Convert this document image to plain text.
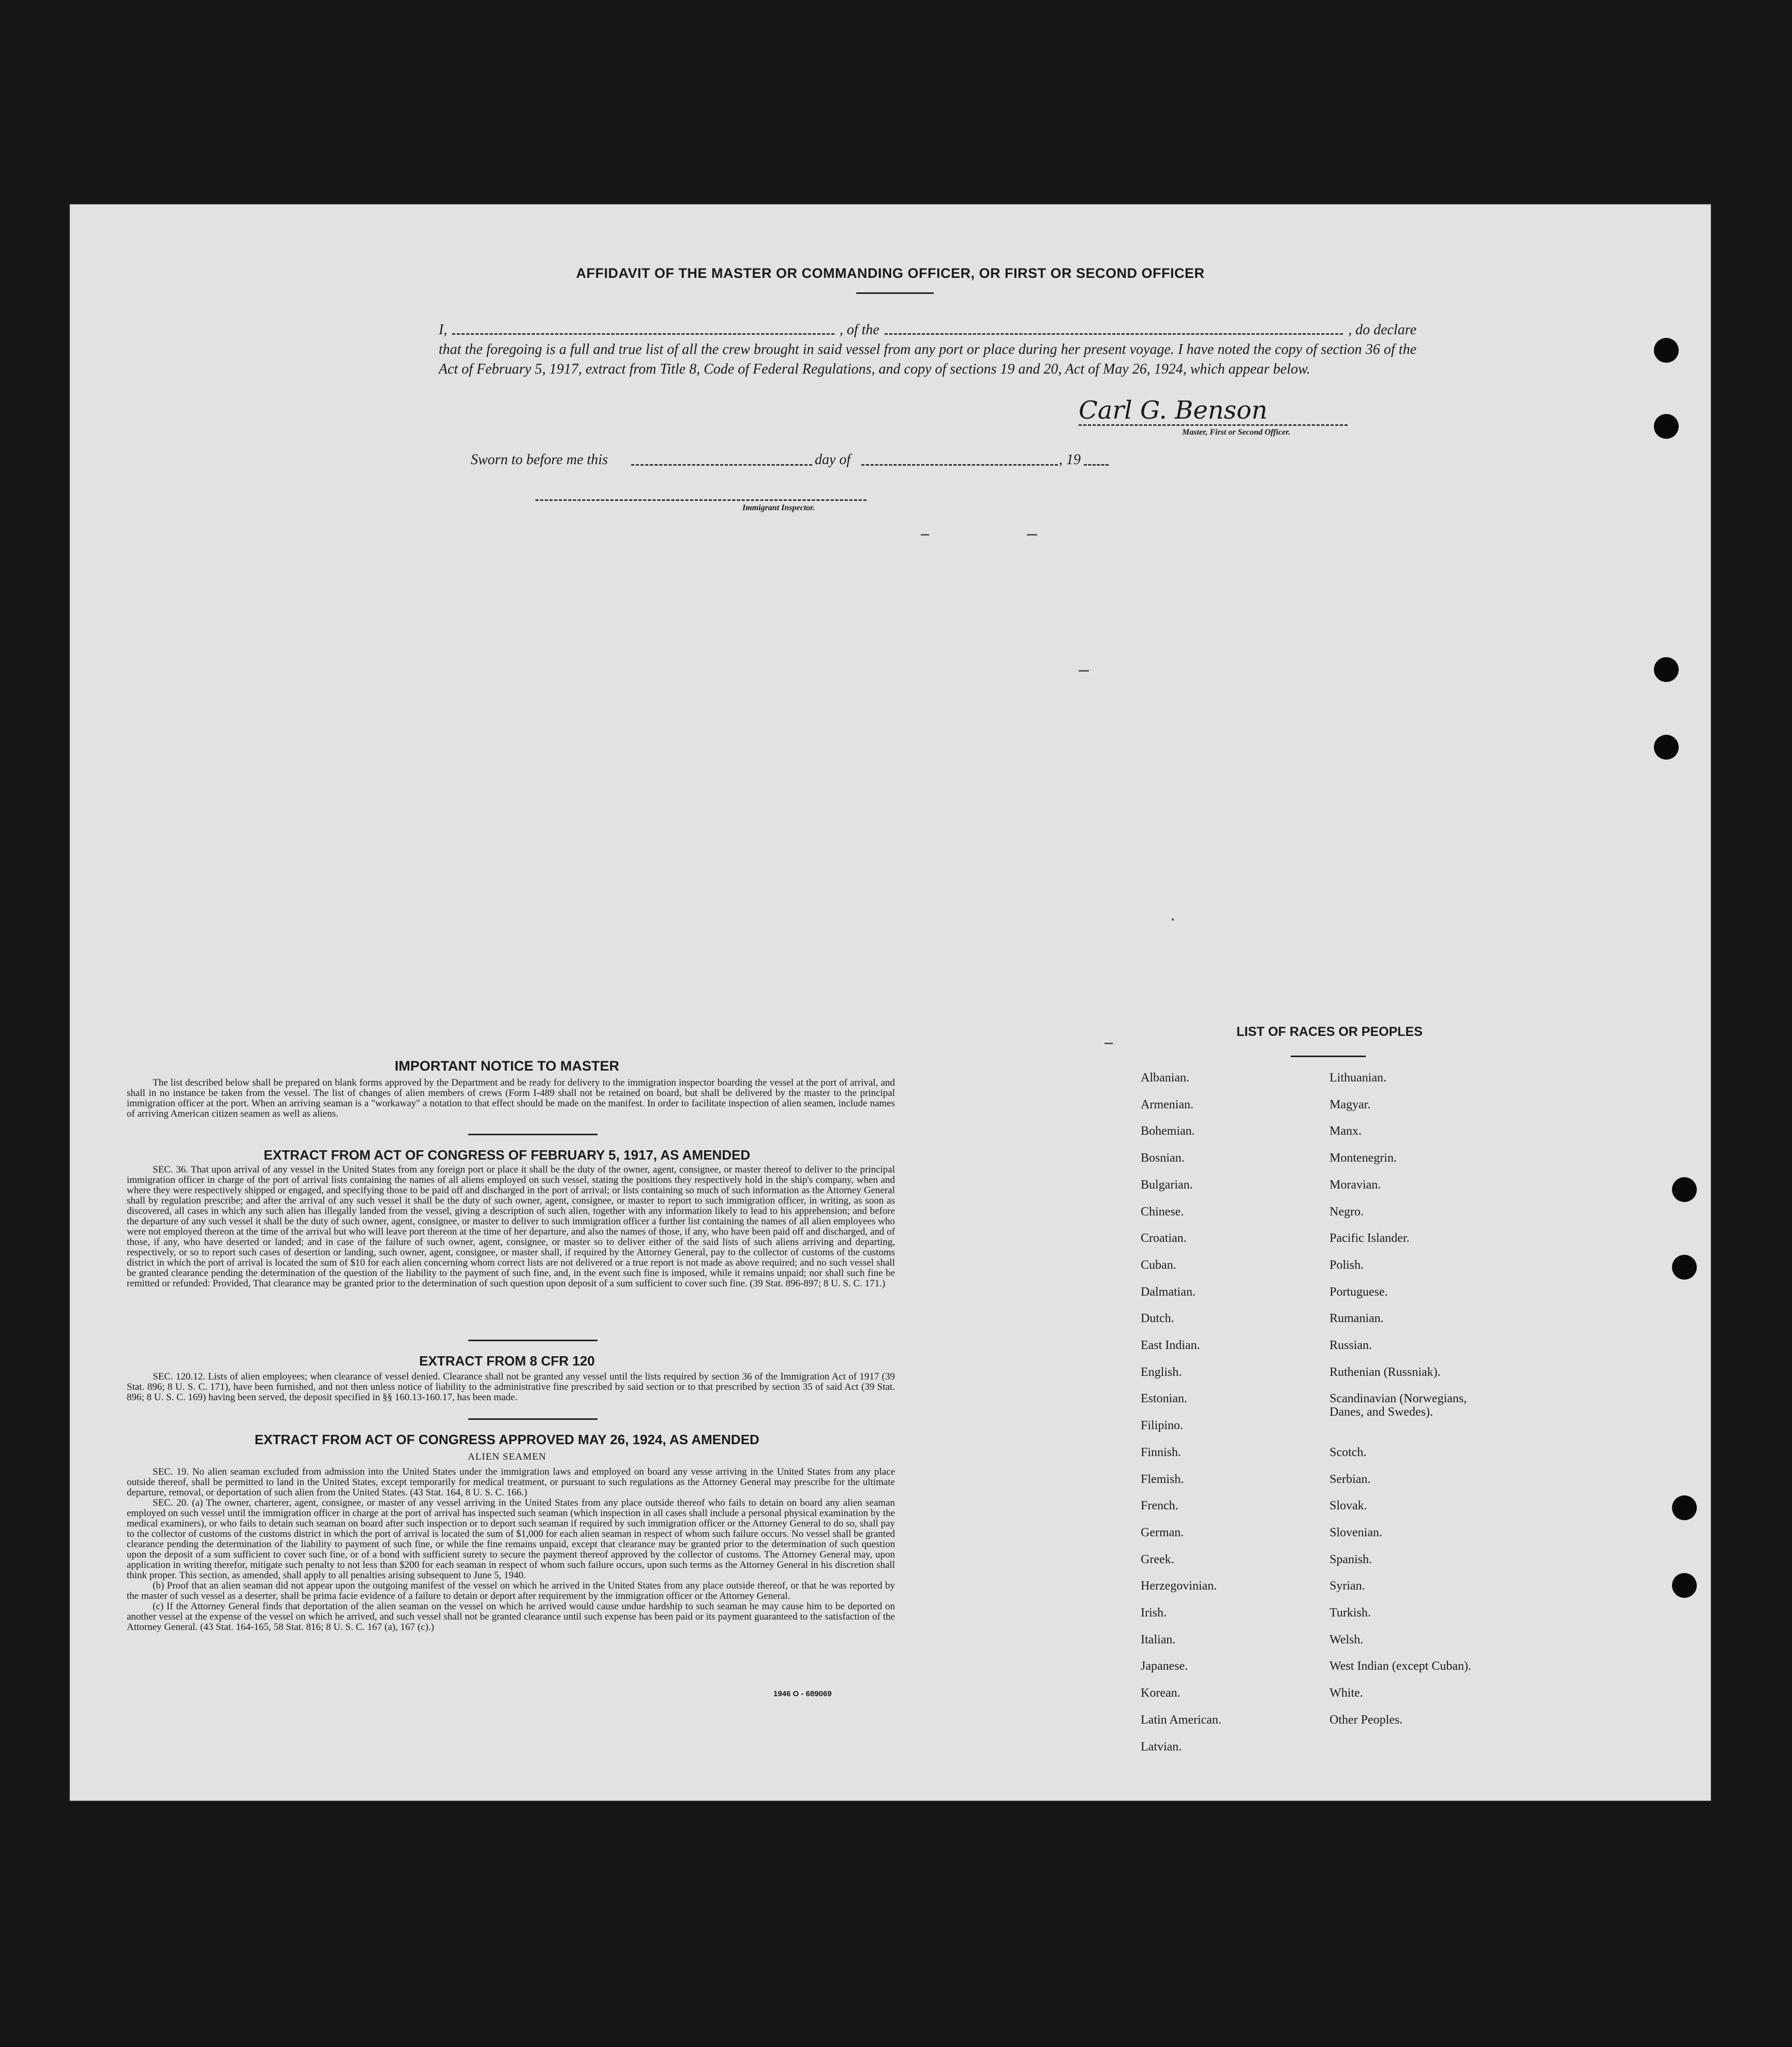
AFFIDAVIT OF THE MASTER OR COMMANDING OFFICER, OR FIRST OR SECOND OFFICER
I,	, of the	, do declare
that the foregoing is a full and true list of all the crew brought in said vessel from any port or place during her present voyage. I have noted the copy of section 36 of the Act of February 5, 1917, extract from Title 8, Code of Federal Regulations, and copy of sections 19 and 20, Act of May 26, 1924, which appear below.
Carl G. Benson
Master, First or Second Officer.
Sworn to before me this	day of	, 19
Immigrant Inspector.
IMPORTANT NOTICE TO MASTER
The list described below shall be prepared on blank forms approved by the Department and be ready for delivery to the immigration inspector boarding the vessel at the port of arrival, and shall in no instance be taken from the vessel. The list of changes of alien members of crews (Form I-489 shall not be retained on board, but shall be delivered by the master to the principal immigration officer at the port. When an arriving seaman is a "workaway" a notation to that effect should be made on the manifest. In order to facilitate inspection of alien seamen, include names of arriving American citizen seamen as well as aliens.
EXTRACT FROM ACT OF CONGRESS OF FEBRUARY 5, 1917, AS AMENDED
SEC. 36. That upon arrival of any vessel in the United States from any foreign port or place it shall be the duty of the owner, agent, consignee, or master thereof to deliver to the principal immigration officer in charge of the port of arrival lists containing the names of all aliens employed on such vessel, stating the positions they respectively hold in the ship's company, when and where they were respectively shipped or engaged, and specifying those to be paid off and discharged in the port of arrival; or lists containing so much of such information as the Attorney General shall by regulation prescribe; and after the arrival of any such vessel it shall be the duty of such owner, agent, consignee, or master to report to such immigration officer, in writing, as soon as discovered, all cases in which any such alien has illegally landed from the vessel, giving a description of such alien, together with any information likely to lead to his apprehension; and before the departure of any such vessel it shall be the duty of such owner, agent, consignee, or master to deliver to such immigration officer a further list containing the names of all alien employees who were not employed thereon at the time of the arrival but who will leave port thereon at the time of her departure, and also the names of those, if any, who have been paid off and discharged, and of those, if any, who have deserted or landed; and in case of the failure of such owner, agent, consignee, or master so to deliver either of the said lists of such aliens arriving and departing, respectively, or so to report such cases of desertion or landing, such owner, agent, consignee, or master shall, if required by the Attorney General, pay to the collector of customs of the customs district in which the port of arrival is located the sum of $10 for each alien concerning whom correct lists are not delivered or a true report is not made as above required; and no such vessel shall be granted clearance pending the determination of the question of the liability to the payment of such fine, and, in the event such fine is imposed, while it remains unpaid; nor shall such fine be remitted or refunded: Provided, That clearance may be granted prior to the determination of such question upon deposit of a sum sufficient to cover such fine. (39 Stat. 896-897; 8 U. S. C. 171.)
EXTRACT FROM 8 CFR 120
SEC. 120.12. Lists of alien employees; when clearance of vessel denied. Clearance shall not be granted any vessel until the lists required by section 36 of the Immigration Act of 1917 (39 Stat. 896; 8 U. S. C. 171), have been furnished, and not then unless notice of liability to the administrative fine prescribed by said section or to that prescribed by section 35 of said Act (39 Stat. 896; 8 U. S. C. 169) having been served, the deposit specified in §§ 160.13-160.17, has been made.
EXTRACT FROM ACT OF CONGRESS APPROVED MAY 26, 1924, AS AMENDED
ALIEN SEAMEN
SEC. 19. No alien seaman excluded from admission into the United States under the immigration laws and employed on board any vesse arriving in the United States from any place outside thereof, shall be permitted to land in the United States, except temporarily for medical treatment, or pursuant to such regulations as the Attorney General may prescribe for the ultimate departure, removal, or deportation of such alien from the United States. (43 Stat. 164, 8 U. S. C. 166.)
SEC. 20. (a) The owner, charterer, agent, consignee, or master of any vessel arriving in the United States from any place outside thereof who fails to detain on board any alien seaman employed on such vessel until the immigration officer in charge at the port of arrival has inspected such seaman (which inspection in all cases shall include a personal physical examination by the medical examiners), or who fails to detain such seaman on board after such inspection or to deport such seaman if required by such immigration officer or the Attorney General to do so, shall pay to the collector of customs of the customs district in which the port of arrival is located the sum of $1,000 for each alien seaman in respect of whom such failure occurs. No vessel shall be granted clearance pending the determination of the liability to payment of such fine, or while the fine remains unpaid, except that clearance may be granted prior to the determination of such question upon the deposit of a sum sufficient to cover such fine, or of a bond with sufficient surety to secure the payment thereof approved by the collector of customs. The Attorney General may, upon application in writing therefor, mitigate such penalty to not less than $200 for each seaman in respect of whom such failure occurs, upon such terms as the Attorney General in his discretion shall think proper. This section, as amended, shall apply to all penalties arising subsequent to June 5, 1940.
(b) Proof that an alien seaman did not appear upon the outgoing manifest of the vessel on which he arrived in the United States from any place outside thereof, or that he was reported by the master of such vessel as a deserter, shall be prima facie evidence of a failure to detain or deport after requirement by the immigration officer or the Attorney General.
(c) If the Attorney General finds that deportation of the alien seaman on the vessel on which he arrived would cause undue hardship to such seaman he may cause him to be deported on another vessel at the expense of the vessel on which he arrived, and such vessel shall not be granted clearance until such expense has been paid or its payment guaranteed to the satisfaction of the Attorney General. (43 Stat. 164-165, 58 Stat. 816; 8 U. S. C. 167 (a), 167 (c).)
1946 O - 689069
LIST OF RACES OR PEOPLES
Albanian.
Armenian.
Bohemian.
Bosnian.
Bulgarian.
Chinese.
Croatian.
Cuban.
Dalmatian.
Dutch.
East Indian.
English.
Estonian.
Filipino.
Finnish.
Flemish.
French.
German.
Greek.
Herzegovinian.
Irish.
Italian.
Japanese.
Korean.
Latin American.
Latvian.
Lithuanian.
Magyar.
Manx.
Montenegrin.
Moravian.
Negro.
Pacific Islander.
Polish.
Portuguese.
Rumanian.
Russian.
Ruthenian (Russniak).
Scandinavian (Norwegians, Danes, and Swedes).
Scotch.
Serbian.
Slovak.
Slovenian.
Spanish.
Syrian.
Turkish.
Welsh.
West Indian (except Cuban).
White.
Other Peoples.
